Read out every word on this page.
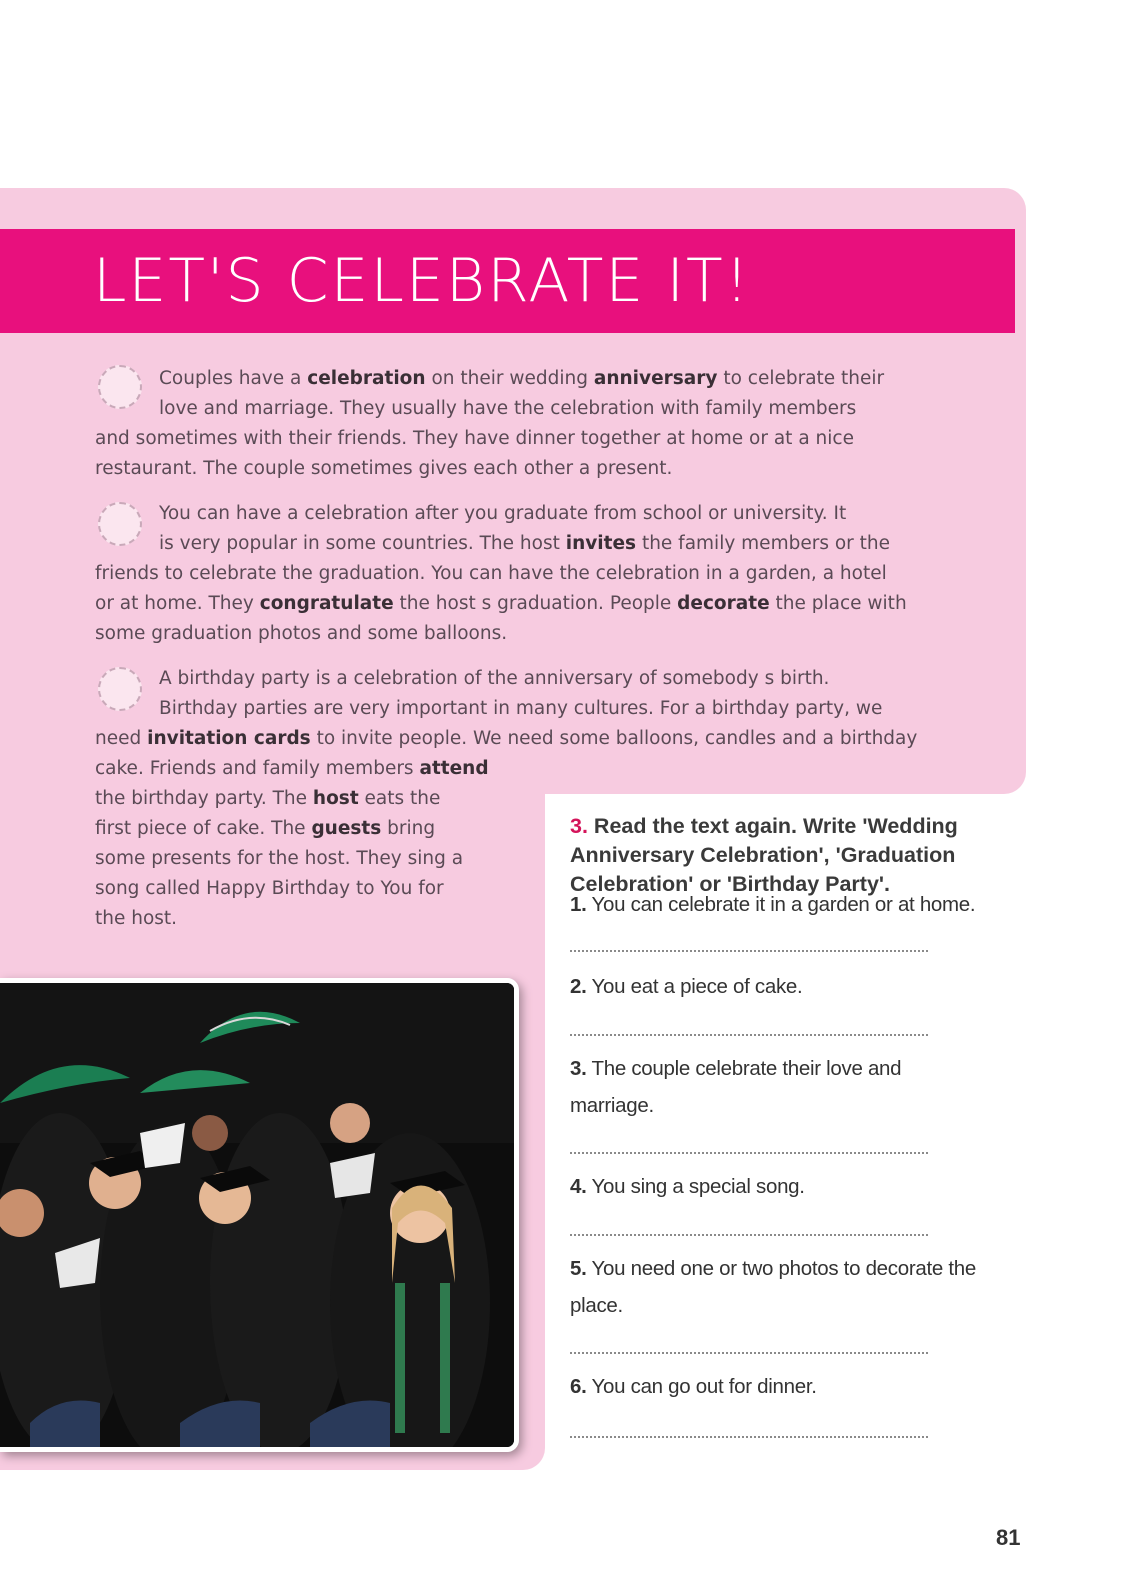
LET'S CELEBRATE IT!

Couples have a celebration on their wedding anniversary to celebrate their
love and marriage. They usually have the celebration with family members
and sometimes with their friends. They have dinner together at home or at a nice
restaurant. The couple sometimes gives each other a present.

You can have a celebration after you graduate from school or university. It
is very popular in some countries. The host invites the family members or the
friends to celebrate the graduation. You can have the celebration in a garden, a hotel
or at home. They congratulate the host s graduation. People decorate the place with
some graduation photos and some balloons.

A birthday party is a celebration of the anniversary of somebody s birth.
Birthday parties are very important in many cultures. For a birthday party, we
need invitation cards to invite people. We need some balloons, candles and a birthday
cake. Friends and family members attend
the birthday party. The host eats the
first piece of cake. The guests bring
some presents for the host. They sing a
song called Happy Birthday to You for
the host.

3. Read the text again. Write 'Wedding Anniversary Celebration', 'Graduation Celebration' or 'Birthday Party'.

1. You can celebrate it in a garden or at home.

2. You eat a piece of cake.

3. The couple celebrate their love and marriage.

4. You sing a special song.

5. You need one or two photos to decorate the place.

6. You can go out for dinner.

81
